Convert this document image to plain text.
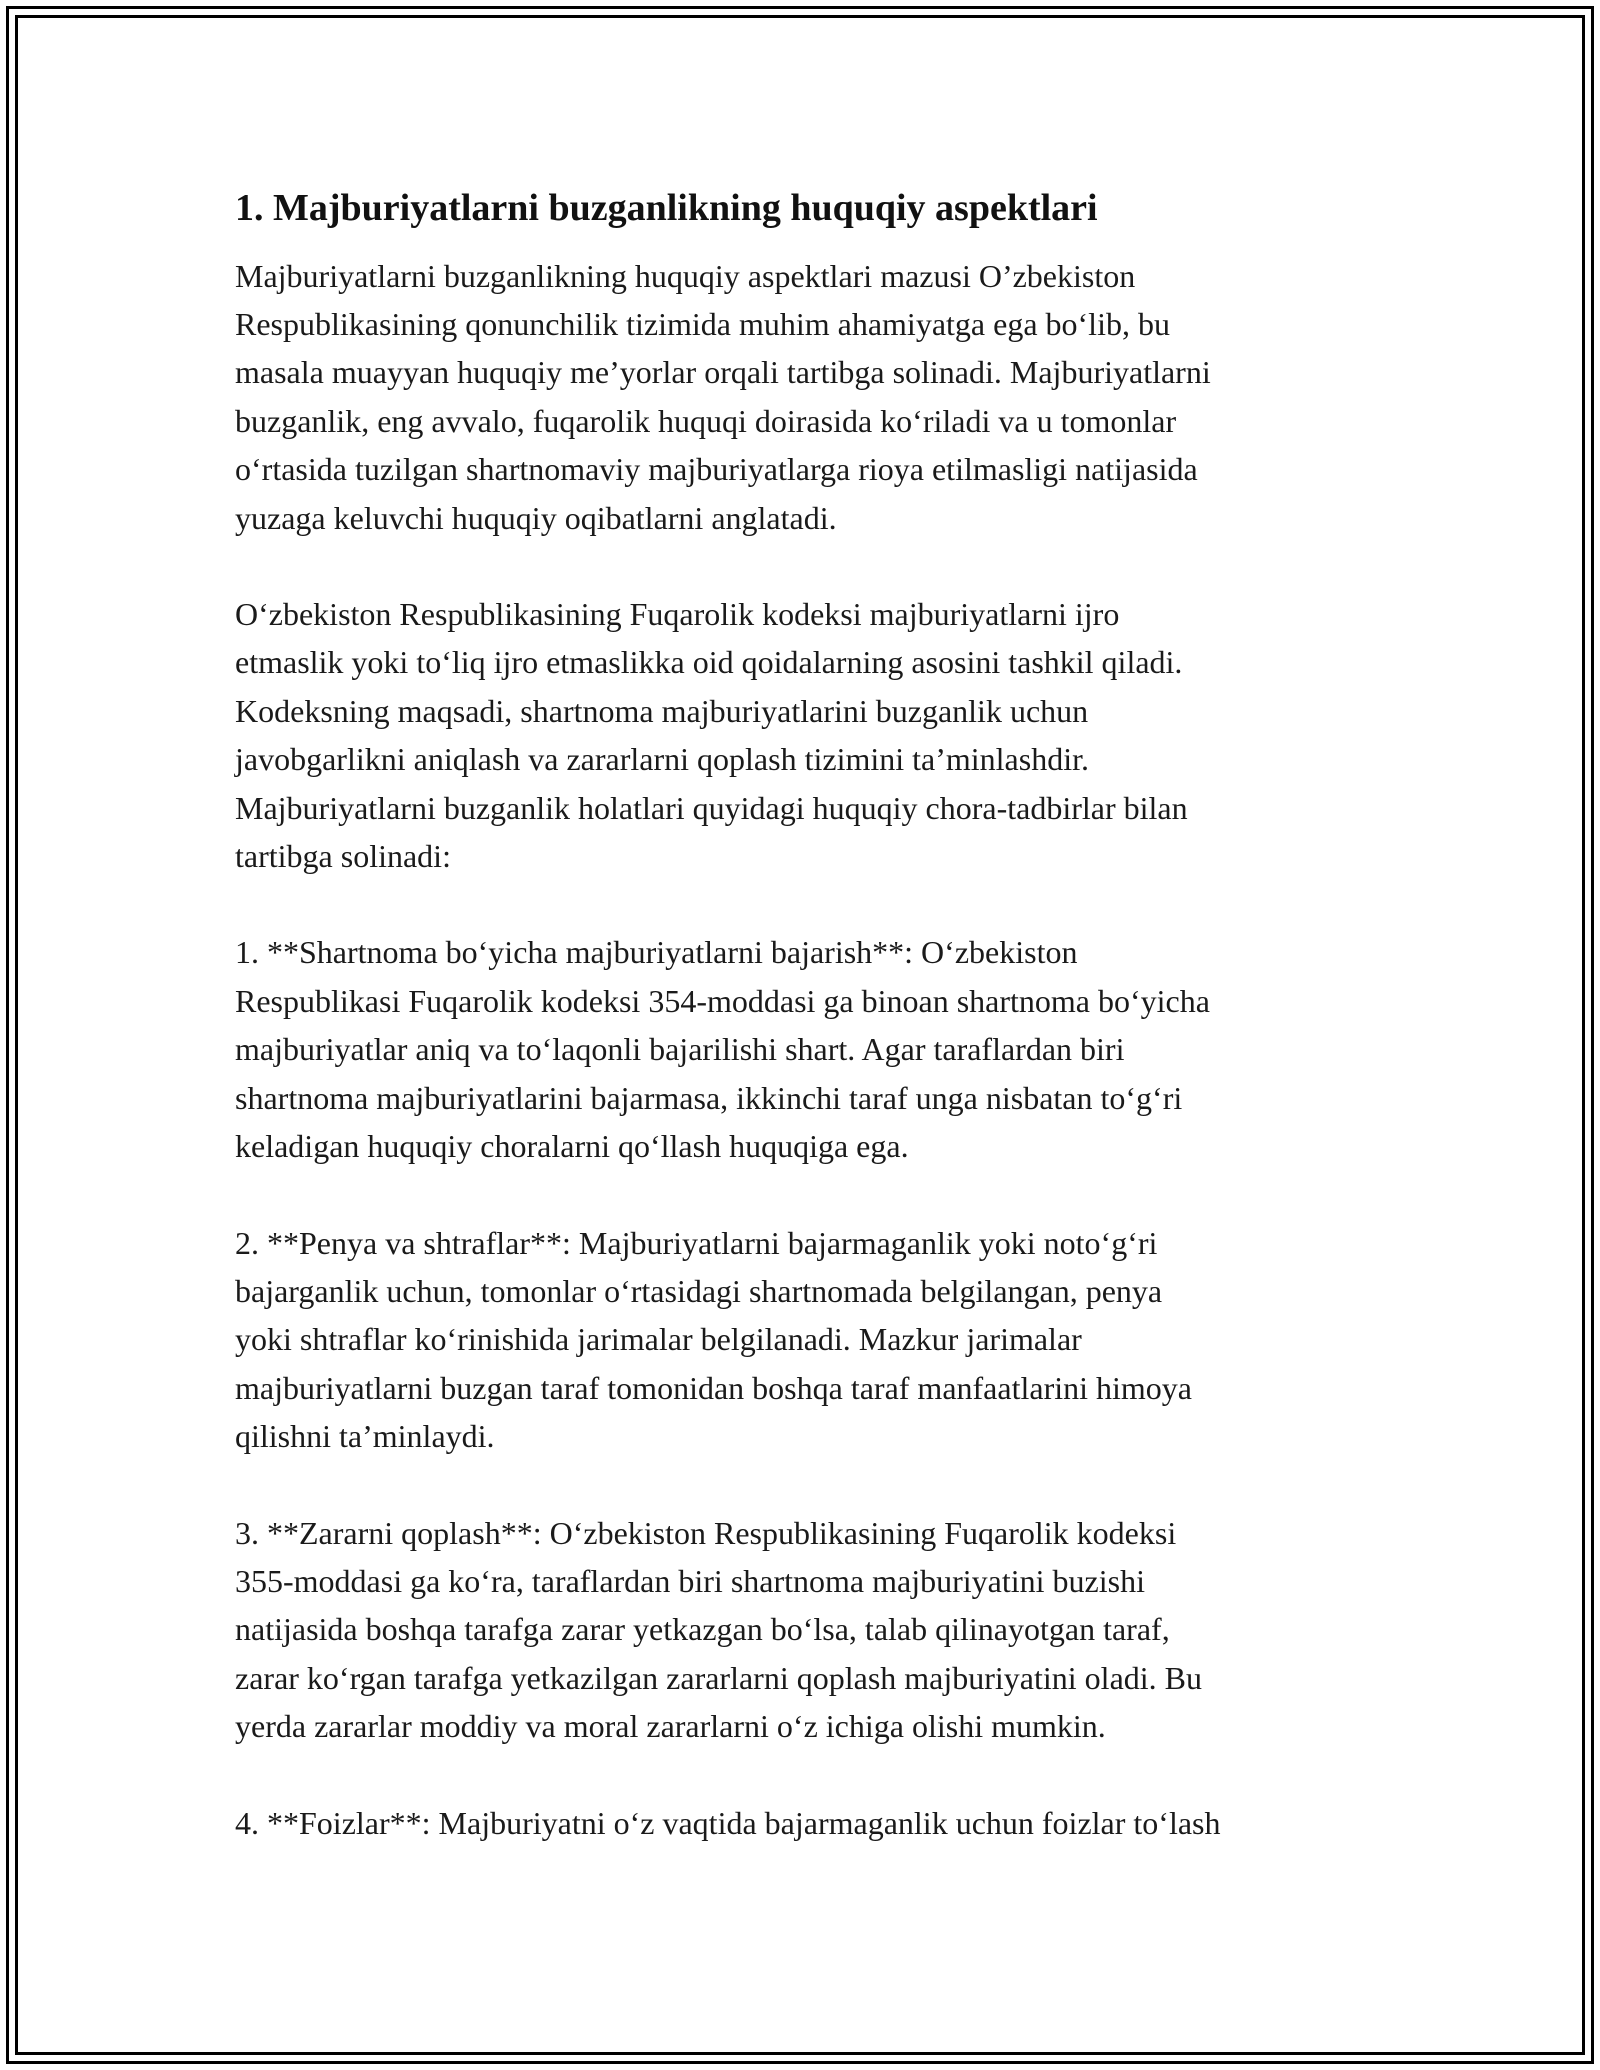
1. Majburiyatlarni buzganlikning huquqiy aspektlari
Majburiyatlarni buzganlikning huquqiy aspektlari mazusi O’zbekiston
Respublikasining qonunchilik tizimida muhim ahamiyatga ega boʻlib, bu
masala muayyan huquqiy me’yorlar orqali tartibga solinadi. Majburiyatlarni
buzganlik, eng avvalo, fuqarolik huquqi doirasida koʻriladi va u tomonlar
oʻrtasida tuzilgan shartnomaviy majburiyatlarga rioya etilmasligi natijasida
yuzaga keluvchi huquqiy oqibatlarni anglatadi.
Oʻzbekiston Respublikasining Fuqarolik kodeksi majburiyatlarni ijro
etmaslik yoki toʻliq ijro etmaslikka oid qoidalarning asosini tashkil qiladi.
Kodeksning maqsadi, shartnoma majburiyatlarini buzganlik uchun
javobgarlikni aniqlash va zararlarni qoplash tizimini ta’minlashdir.
Majburiyatlarni buzganlik holatlari quyidagi huquqiy chora-tadbirlar bilan
tartibga solinadi:
1. **Shartnoma boʻyicha majburiyatlarni bajarish**: Oʻzbekiston
Respublikasi Fuqarolik kodeksi 354-moddasi ga binoan shartnoma boʻyicha
majburiyatlar aniq va toʻlaqonli bajarilishi shart. Agar taraflardan biri
shartnoma majburiyatlarini bajarmasa, ikkinchi taraf unga nisbatan toʻgʻri
keladigan huquqiy choralarni qoʻllash huquqiga ega.
2. **Penya va shtraflar**: Majburiyatlarni bajarmaganlik yoki notoʻgʻri
bajarganlik uchun, tomonlar oʻrtasidagi shartnomada belgilangan, penya
yoki shtraflar koʻrinishida jarimalar belgilanadi. Mazkur jarimalar
majburiyatlarni buzgan taraf tomonidan boshqa taraf manfaatlarini himoya
qilishni ta’minlaydi.
3. **Zararni qoplash**: Oʻzbekiston Respublikasining Fuqarolik kodeksi
355-moddasi ga koʻra, taraflardan biri shartnoma majburiyatini buzishi
natijasida boshqa tarafga zarar yetkazgan boʻlsa, talab qilinayotgan taraf,
zarar koʻrgan tarafga yetkazilgan zararlarni qoplash majburiyatini oladi. Bu
yerda zararlar moddiy va moral zararlarni oʻz ichiga olishi mumkin.
4. **Foizlar**: Majburiyatni oʻz vaqtida bajarmaganlik uchun foizlar toʻlash
